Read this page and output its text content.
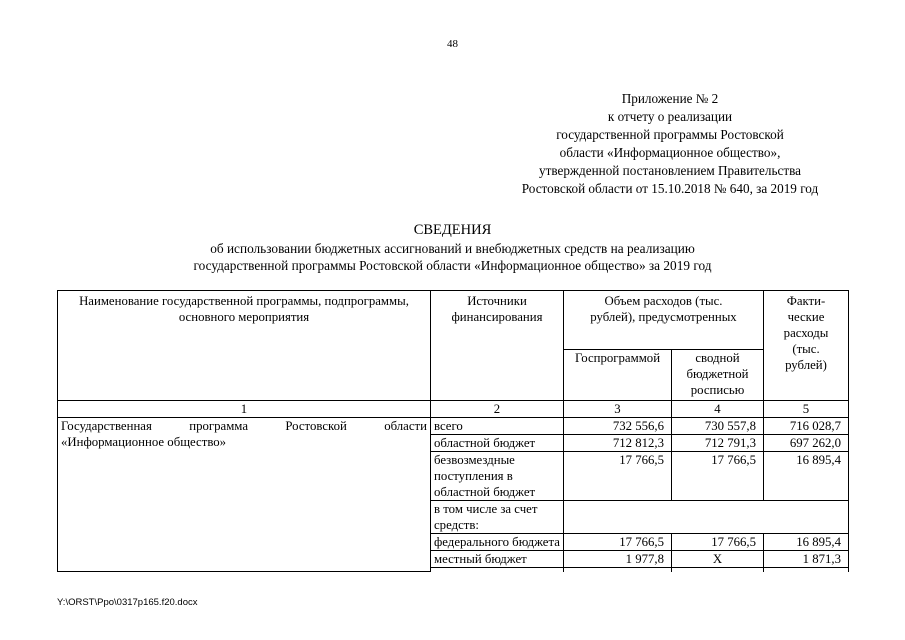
48
Приложение № 2
к отчету о реализации
государственной программы Ростовской
области «Информационное общество»,
утвержденной постановлением Правительства
Ростовской области от 15.10.2018 № 640, за 2019 год
СВЕДЕНИЯ
об использовании бюджетных ассигнований и внебюджетных средств на реализацию
государственной программы Ростовской области «Информационное общество» за 2019 год
Наименование государственной программы, подпрограммы, основного мероприятия	Источники финансирования	Объем расходов (тыс. рублей), предусмотренных		Факти-ческие расходы (тыс. рублей)
		Госпрограммой	сводной бюджетной росписью	
1	2	3	4	5

Государственная программа Ростовской области
«Информационное общество»	всего	732 556,6	730 557,8	716 028,7
	областной бюджет	712 812,3	712 791,3	697 262,0
	безвозмездные поступления в областной бюджет	17 766,5	17 766,5	16 895,4
	в том числе за счет средств:			
	федерального бюджета	17 766,5	17 766,5	16 895,4
	местный бюджет	1 977,8	Х	1 871,3

Y:\ORST\Ppo\0317p165.f20.docx
